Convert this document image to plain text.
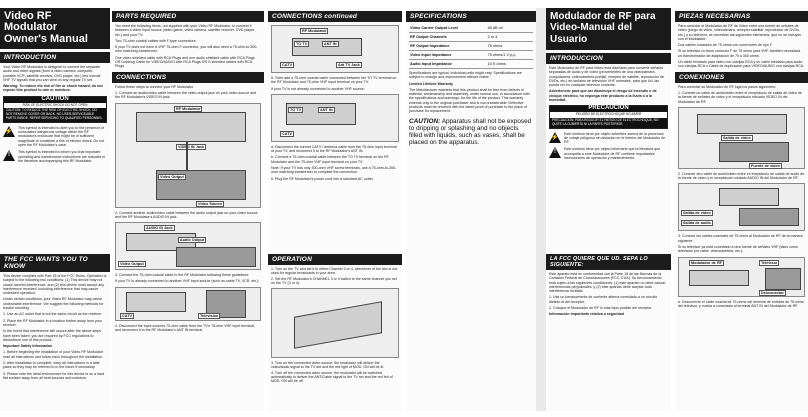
Video RF Modulator
Owner's Manual
INTRODUCTION
Your Video RF Modulator is designed to convert the separate audio and video signals (from a video camera, computer, portable VCR, satellite receiver, DVD player, etc.) into normal VHF TV signals that you can view on any regular TV set.
Warning: To reduce the risk of fire or shock hazard, do not expose this product to rain or moisture.
CAUTION
RISK OF ELECTRIC SHOCK DO NOT OPEN
CAUTION: TO REDUCE THE RISK OF ELECTRIC SHOCK, DO NOT REMOVE COVER OR BACK. NO USER-SERVICEABLE PARTS INSIDE. REFER SERVICING TO QUALIFIED PERSONNEL.
⚡
This symbol is intended to alert you to the presence of uninsulated dangerous voltage within the RF modulator's enclosure that might be of sufficient magnitude to constitute a risk of electric shock. Do not open the RF Modulator's case.
!	This symbol is intended to inform you that important operating and maintenance instructions are included in the literature accompanying this RF Modulator.
THE FCC WANTS YOU TO KNOW
This device complies with Part 15 of the FCC Rules. Operation is subject to the following two conditions: (1) This device may not cause harmful interference, and (2) this device must accept any interference received, including interference that may cause undesired operation.
Under certain conditions, your Video RF Modulator may cause undesirable interference. We suggest the following methods for trouble shooting.
1. Use an AC outlet that is not the same circuit as the receiver.
2. Place the RF Modulator in a location further away from your receiver.
In the event that interference still occurs after the above steps have been taken, you are required by FCC regulations to discontinue use of this product.
Important Safety Information
1. Before beginning the installation of your Video RF Modulator read all instructions and follow each throughout the installation.
2. After installation is complete, keep all instructions in a safe place so they may be referred to in the future if necessary.
3. Please note the ideal environment for this device is on a hard flat surface away from all heat sources and moisture.
PARTS REQUIRED
You need the following items, not supplied with your Video RF Modulator, to connect it between a video input source (video game, video camera, satellite receiver, DVD player, etc.) and your TV:
Two 75-ohm coaxial cables with F-type connectors.
If your TV does not have a VHF 75-ohm F-connector, you will also need a 75-ohm-to-300-ohm matching transformer.
One video shielded cable with RCA Plugs and one audio shielded cable with RCA Plugs OR Dubbing Cable for VIDEO/AUDIO with RCA Plugs OR S shielded cables with RCA Plugs
CONNECTIONS
Follow these steps to connect your RF Modulator.
1. Connect an audio/video cable between the video output jack on your video source and the RF Modulator's VIDEO IN jack.
RF Modulator
VIDEO IN Jack
Video Output
Video Source
2. Connect another audio/video cable between the audio output jack on your video source and the RF Modulator's AUDIO IN jack.
AUDIO IN Jack
Video Output
Audio Output
3. Connect the 75-ohm coaxial cable to the RF Modulator following these guidelines:
If your TV is already connected to another VHF input source (such as cable TV, VCR, etc.):
CATV	Television
4. Disconnect the input sources 75-ohm cable from the TV's 75-ohm VHF input terminal, and reconnect it to the RF Modulator's ANT IN terminal.
CONNECTIONS continued
RF Modulator
TO TV	ANT IN
CATV	Ant TV Jack
5. Then add a 75-ohm coaxial cable connected between the TO TV terminal on the RF Modulator and 75-ohm VHF input terminal on your TV.
If your TV is not already connected to another VHF source:
TO TV	ANT IN
CATV
a. Disconnect the current CATV / antenna cable from the 75-ohm input terminal of your TV, and reconnect it to the RF Modulator's ANT IN.
b. Connect a 75-ohm coaxial cable between the TO TV terminal on the RF Modulator and the 75-ohm VHF input terminal on your TV.
Note: If your TV has only 300-ohm VHF screw terminals, use a 75-ohm-to-300-ohm matching transformer to complete the connection.
6. Plug the RF Modulator's power cord into a standard AC outlet.
OPERATION
1. Turn on the TV and set it to either Channel 3 or 4, whichever of the two is not used for regular broadcasts in your area.
2. Set the RF Modulator's CHANNEL 3 or 4 switch to the same channel you set on the TV (3 or 4).
3. Turn on the connected video source; the modulator will deliver the video/audio signal to the TV set and the red light of MOD. ON will be lit.
4. Turn off the connected video source; the modulator will be switched automatically to deliver the ANT/Cable signal to the TV set and the red led of MOD. ON will be off.
SPECIFICATIONS
Video Carrier Output Level	65 dB uV
RF Output Channels	3 or 4
RF Output Impedance	75 ohms
Video Input Impedance	75 ohms/1 V p-p
Audio Input Impedance	10 K ohms
Specifications are typical, individual units might vary. Specifications are subject to change and improvement without notice.
Limited Lifetime Warranty
The Manufacturer warrants that this product shall be free from defects in material, workmanship and assembly, under normal use, in accordance with the specifications and warnings, for the life of the product. This warranty extends only to the original purchaser and is non-transferable. Defective products must be returned with the dated proof of purchase to the place of purchase for replacement.
CAUTION: Apparatus shall not be exposed to dripping or splashing and no objects filled with liquids, such as vases, shall be placed on the apparatus.
Modulador de RF para
Video-Manual del Usuario
INTRODUCCION
Este Modulador de RF para Video está diseñado para convertir señales separadas de audio y de vídeo (provenientes de una videocámara, computadora, videocasetera portátil, receptor de satélite, reproductor de DVDs, etc.) en señales de televisión VHF normales, para que Ud. las pueda ver en cualquier televisor corriente.
Advertencia: para que así disminuya el riesgo de incendio o de choque eléctrico, no exponga este producto a la lluvia o a la humedad.
PRECAUCIÓN
PELIGRO DE ELECTROCHOQUE NO ABRIR
PRECAUCIÓN: PARA REDUCIR EL RIESGO DE ELECTROCHOQUE, NO QUITE LA CUBIERTA NI LA PARTE POSTERIOR.
⚡
Este símbolo tiene por objeto advertirle acerca de la presencia de voltaje peligroso sin aislación en el interior del Modulador de RF.
!	Este símbolo tiene por objeto informarle que la literatura que acompaña a este Modulador de RF contiene importantes instrucciones de operación y mantenimiento.
LA FCC QUIERE QUE UD. SEPA LO SIGUIENTE:
Este aparato está en conformidad con la Parte 15 de las Normas de la Comisión Federal de Comunicaciones (FCC, EUA). Su funcionamiento está sujeto a las siguientes condiciones: (1) este aparato no debe causar interferencias perjudiciales, y (2) este aparato debe aceptar toda interferencia recibida.
1. Use un tomacorriente de corriente alterna conectado a un circuito distinto al del receptor.
2. Coloque el Modulador de RF lo más lejos posible del receptor.
Información importante relativa a seguridad
PIEZAS NECESARIAS
Para conectar el Modulador de RF de Video entre una fuente de señales de video (juego de video, videocámara, receptor satelital, reproductor de DVDs, etc.) y su televisor, se necesitan las siguientes elementos, que no se incluyen con el Modulador:
Dos cables coaxiales de 75 ohms con conectores de tipo F.
Si su televisor no tiene conector F de 75 ohms para VHF, también necesitará un transformador de adaptación de 75 a 300 ohms.
Un cable blindado para video con clavijas RCA y un cable blindado para audio con clavijas RCA o Cable de duplicación para VIDEO/AUDIO con clavijas RCA.
CONEXIONES
Para conectar su Modulador de RF siga los pasos siguientes:
1. Conecte un cable de audio/video entre el receptáculo de salida de video de la fuente de señales de video y el receptáculo rotulado VIDEO IN del Modulador de RF.
Salida de video
Fuente de video
2. Conecte otro cable de audio/video entre el receptáculo de salida de audio de la fuente de video y el receptáculo rotulado AUDIO IN del Modulador de RF.
Salida de video
Salida de audio
3. Conecte los cables coaxiales de 75 ohms al Modulador de RF de la manera siguiente:
Si su televisor ya está conectado a otra fuente de señales VHF (tales como televisión por cable, videocasetera, etc.):
Modulador de RF	Televisor
Desconectar
a. Desconecte el cable coaxial de 75 ohms del terminal de entrada de 75 ohms del televisor, y vuelva a conectarlo al terminal ANT IN del Modulador de RF.
